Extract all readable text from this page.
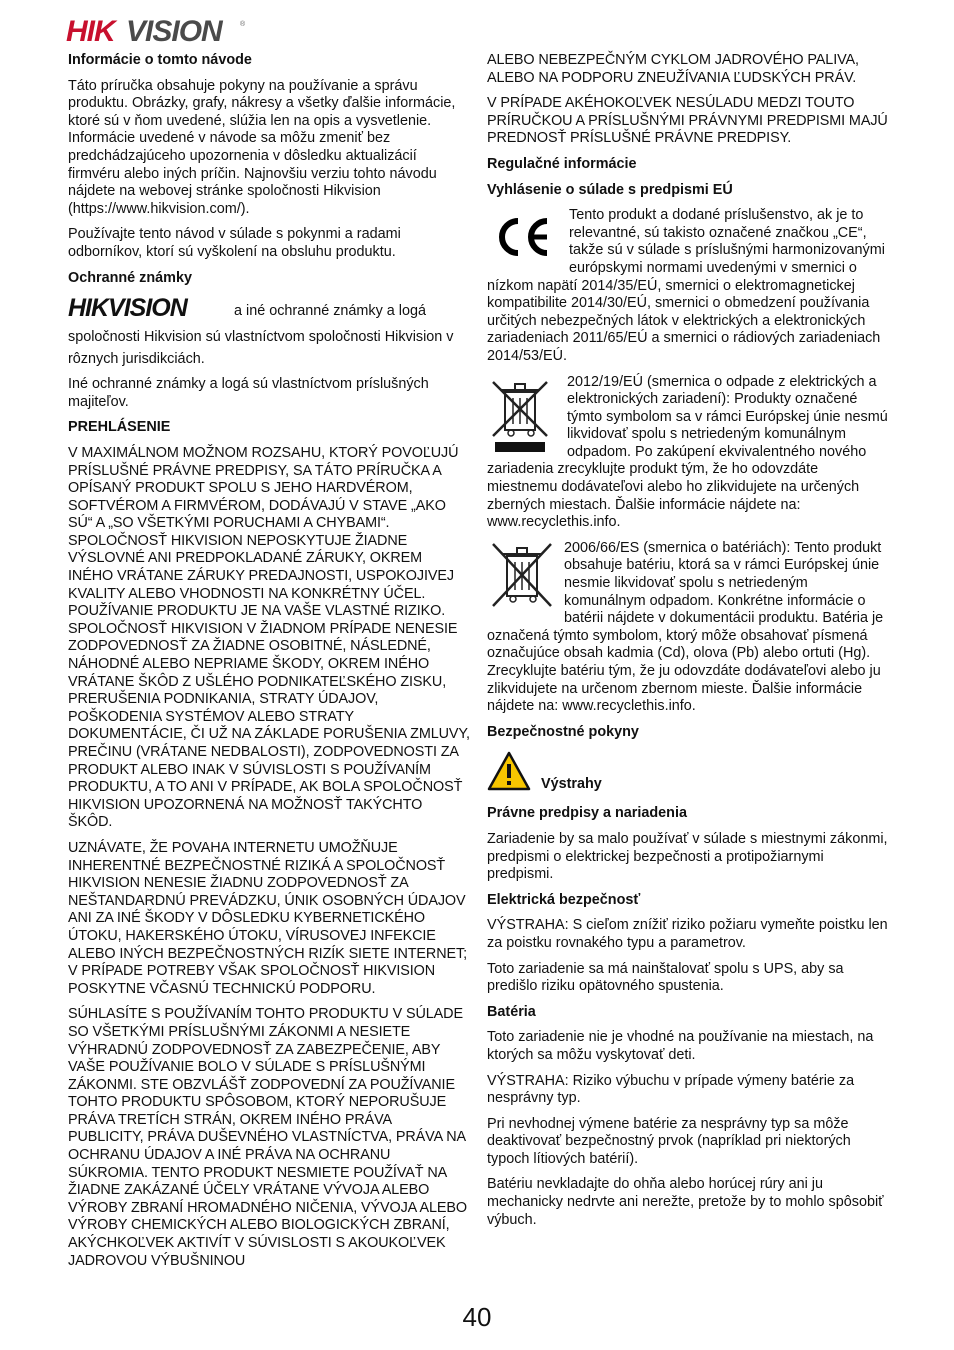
HIK VISION	®
Informácie o tomto návode

Táto príručka obsahuje pokyny na používanie a správu produktu. Obrázky, grafy, nákresy a všetky ďalšie informácie, ktoré sú v ňom uvedené, slúžia len na opis a vysvetlenie. Informácie uvedené v návode sa môžu zmeniť bez predchádzajúceho upozornenia v dôsledku aktualizácií firmvéru alebo iných príčin. Najnovšiu verziu tohto návodu nájdete na webovej stránke spoločnosti Hikvision (https://www.hikvision.com/).

Používajte tento návod v súlade s pokynmi a radami odborníkov, ktorí sú vyškolení na obsluhu produktu.

Ochranné známky

HIKVISION	a iné ochranné známky a logá spoločnosti Hikvision sú vlastníctvom spoločnosti Hikvision v rôznych jurisdikciách.

Iné ochranné známky a logá sú vlastníctvom príslušných majiteľov.

PREHLÁSENIE

V MAXIMÁLNOM MOŽNOM ROZSAHU, KTORÝ POVOĽUJÚ PRÍSLUŠNÉ PRÁVNE PREDPISY, SA TÁTO PRÍRUČKA A OPÍSANÝ PRODUKT SPOLU S JEHO HARDVÉROM, SOFTVÉROM A FIRMVÉROM, DODÁVAJÚ V STAVE „AKO SÚ“ A „SO VŠETKÝMI PORUCHAMI A CHYBAMI“. SPOLOČNOSŤ HIKVISION NEPOSKYTUJE ŽIADNE VÝSLOVNÉ ANI PREDPOKLADANÉ ZÁRUKY, OKREM INÉHO VRÁTANE ZÁRUKY PREDAJNOSTI, USPOKOJIVEJ KVALITY ALEBO VHODNOSTI NA KONKRÉTNY ÚČEL. POUŽÍVANIE PRODUKTU JE NA VAŠE VLASTNÉ RIZIKO. SPOLOČNOSŤ HIKVISION V ŽIADNOM PRÍPADE NENESIE ZODPOVEDNOSŤ ZA ŽIADNE OSOBITNÉ, NÁSLEDNÉ, NÁHODNÉ ALEBO NEPRIAME ŠKODY, OKREM INÉHO VRÁTANE ŠKÔD Z UŠLÉHO PODNIKATEĽSKÉHO ZISKU, PRERUŠENIA PODNIKANIA, STRATY ÚDAJOV, POŠKODENIA SYSTÉMOV ALEBO STRATY DOKUMENTÁCIE, ČI UŽ NA ZÁKLADE PORUŠENIA ZMLUVY, PREČINU (VRÁTANE NEDBALOSTI), ZODPOVEDNOSTI ZA PRODUKT ALEBO INAK V SÚVISLOSTI S POUŽÍVANÍM PRODUKTU, A TO ANI V PRÍPADE, AK BOLA SPOLOČNOSŤ HIKVISION UPOZORNENÁ NA MOŽNOSŤ TAKÝCHTO ŠKÔD.

UZNÁVATE, ŽE POVAHA INTERNETU UMOŽŇUJE INHERENTNÉ BEZPEČNOSTNÉ RIZIKÁ A SPOLOČNOSŤ HIKVISION NENESIE ŽIADNU ZODPOVEDNOSŤ ZA NEŠTANDARDNÚ PREVÁDZKU, ÚNIK OSOBNÝCH ÚDAJOV ANI ZA INÉ ŠKODY V DÔSLEDKU KYBERNETICKÉHO ÚTOKU, HAKERSKÉHO ÚTOKU, VÍRUSOVEJ INFEKCIE ALEBO INÝCH BEZPEČNOSTNÝCH RIZÍK SIETE INTERNET; V PRÍPADE POTREBY VŠAK SPOLOČNOSŤ HIKVISION POSKYTNE VČASNÚ TECHNICKÚ PODPORU.

SÚHLASÍTE S POUŽÍVANÍM TOHTO PRODUKTU V SÚLADE SO VŠETKÝMI PRÍSLUŠNÝMI ZÁKONMI A NESIETE VÝHRADNÚ ZODPOVEDNOSŤ ZA ZABEZPEČENIE, ABY VAŠE POUŽÍVANIE BOLO V SÚLADE S PRÍSLUŠNÝMI ZÁKONMI. STE OBZVLÁŠŤ ZODPOVEDNÍ ZA POUŽÍVANIE TOHTO PRODUKTU SPÔSOBOM, KTORÝ NEPORUŠUJE PRÁVA TRETÍCH STRÁN, OKREM INÉHO PRÁVA PUBLICITY, PRÁVA DUŠEVNÉHO VLASTNÍCTVA, PRÁVA NA OCHRANU ÚDAJOV A INÉ PRÁVA NA OCHRANU SÚKROMIA. TENTO PRODUKT NESMIETE POUŽÍVAŤ NA ŽIADNE ZAKÁZANÉ ÚČELY VRÁTANE VÝVOJA ALEBO VÝROBY ZBRANÍ HROMADNÉHO NIČENIA, VÝVOJA ALEBO VÝROBY CHEMICKÝCH ALEBO BIOLOGICKÝCH ZBRANÍ, AKÝCHKOĽVEK AKTIVÍT V SÚVISLOSTI S AKOUKOĽVEK JADROVOU VÝBUŠNINOU

ALEBO NEBEZPEČNÝM CYKLOM JADROVÉHO PALIVA, ALEBO NA PODPORU ZNEUŽÍVANIA ĽUDSKÝCH PRÁV.

V PRÍPADE AKÉHOKOĽVEK NESÚLADU MEDZI TOUTO PRÍRUČKOU A PRÍSLUŠNÝMI PRÁVNYMI PREDPISMI MAJÚ PREDNOSŤ PRÍSLUŠNÉ PRÁVNE PREDPISY.

Regulačné informácie
Vyhlásenie o súlade s predpismi EÚ

Tento produkt a dodané príslušenstvo, ak je to relevantné, sú takisto označené značkou „CE“, takže sú v súlade s príslušnými harmonizovanými európskymi normami uvedenými v smernici o nízkom napätí 2014/35/EÚ, smernici o elektromagnetickej kompatibilite 2014/30/EÚ, smernici o obmedzení používania určitých nebezpečných látok v elektrických a elektronických zariadeniach 2011/65/EÚ a smernici o rádiových zariadeniach 2014/53/EÚ.

2012/19/EÚ (smernica o odpade z elektrických a elektronických zariadení): Produkty označené týmto symbolom sa v rámci Európskej únie nesmú likvidovať spolu s netriedeným komunálnym odpadom. Po zakúpení ekvivalentného nového zariadenia zrecyklujte produkt tým, že ho odovzdáte miestnemu dodávateľovi alebo ho zlikvidujete na určených zberných miestach. Ďalšie informácie nájdete na: www.recyclethis.info.

2006/66/ES (smernica o batériách): Tento produkt obsahuje batériu, ktorá sa v rámci Európskej únie nesmie likvidovať spolu s netriedeným komunálnym odpadom. Konkrétne informácie o batérii nájdete v dokumentácii produktu. Batéria je označená týmto symbolom, ktorý môže obsahovať písmená označujúce obsah kadmia (Cd), olova (Pb) alebo ortuti (Hg). Zrecyklujte batériu tým, že ju odovzdáte dodávateľovi alebo ju zlikvidujete na určenom zbernom mieste. Ďalšie informácie nájdete na: www.recyclethis.info.

Bezpečnostné pokyny
Výstrahy
Právne predpisy a nariadenia

Zariadenie by sa malo používať v súlade s miestnymi zákonmi, predpismi o elektrickej bezpečnosti a protipožiarnymi predpismi.

Elektrická bezpečnosť

VÝSTRAHA: S cieľom znížiť riziko požiaru vymeňte poistku len za poistku rovnakého typu a parametrov.

Toto zariadenie sa má nainštalovať spolu s UPS, aby sa predišlo riziku opätovného spustenia.

Batéria

Toto zariadenie nie je vhodné na používanie na miestach, na ktorých sa môžu vyskytovať deti.

VÝSTRAHA: Riziko výbuchu v prípade výmeny batérie za nesprávny typ.

Pri nevhodnej výmene batérie za nesprávny typ sa môže deaktivovať bezpečnostný prvok (napríklad pri niektorých typoch lítiových batérií).

Batériu nevkladajte do ohňa alebo horúcej rúry ani ju mechanicky nedrvte ani nerežte, pretože by to mohlo spôsobiť výbuch.

40
